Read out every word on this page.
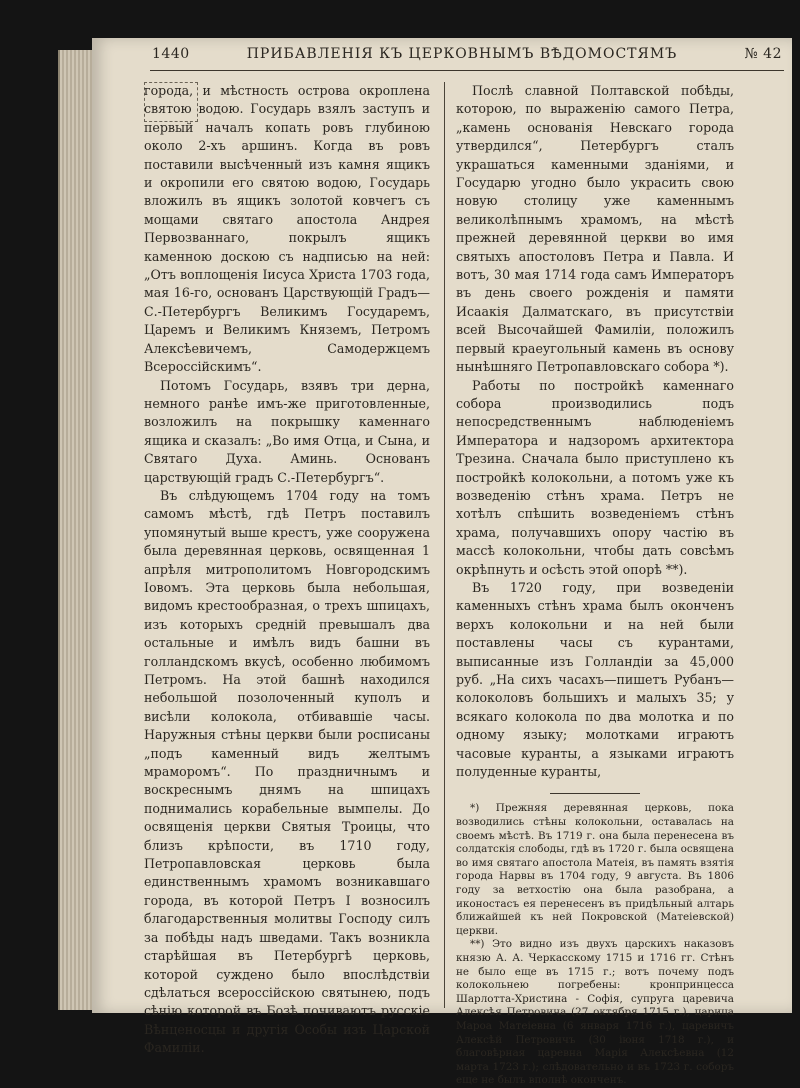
1440	ПРИБАВЛЕНІЯ КЪ ЦЕРКОВНЫМЪ ВѢДОМОСТЯМЪ	№ 42

города, и мѣстность острова окроплена святою водою. Государь взялъ заступъ и первый началъ копать ровъ глубиною около 2-хъ аршинъ. Когда въ ровъ поставили высѣченный изъ камня ящикъ и окропили его святою водою, Государь вложилъ въ ящикъ золотой ковчегъ съ мощами святаго апостола Андрея Первозваннаго, покрылъ ящикъ каменною доскою съ надписью на ней: „Отъ воплощенія Іисуса Христа 1703 года, мая 16-го, основанъ Царствующій Градъ—С.-Петербургъ Великимъ Государемъ, Царемъ и Великимъ Княземъ, Петромъ Алексѣевичемъ, Самодержцемъ Всероссійскимъ“.

Потомъ Государь, взявъ три дерна, немного ранѣе имъ-же приготовленные, возложилъ на покрышку каменнаго ящика и сказалъ: „Во имя Отца, и Сына, и Святаго Духа. Аминь. Основанъ царствующій градъ С.-Петербургъ“.

Въ слѣдующемъ 1704 году на томъ самомъ мѣстѣ, гдѣ Петръ поставилъ упомянутый выше крестъ, уже сооружена была деревянная церковь, освященная 1 апрѣля митрополитомъ Новгородскимъ Іовомъ. Эта церковь была небольшая, видомъ крестообразная, о трехъ шпицахъ, изъ которыхъ средній превышалъ два остальные и имѣлъ видъ башни въ голландскомъ вкусѣ, особенно любимомъ Петромъ. На этой башнѣ находился небольшой позолоченный куполъ и висѣли колокола, отбивавшіе часы. Наружныя стѣны церкви были росписаны „подъ каменный видъ желтымъ мраморомъ“. По праздничнымъ и воскреснымъ днямъ на шпицахъ поднимались корабельные вымпелы. До освященія церкви Святыя Троицы, что близъ крѣпости, въ 1710 году, Петропавловская церковь была единственнымъ храмомъ возникавшаго города, въ которой Петръ I возносилъ благодарственныя молитвы Господу силъ за побѣды надъ шведами. Такъ возникла старѣйшая въ Петербургѣ церковь, которой суждено было впослѣдствіи сдѣлаться всероссійскою святынею, подъ сѣнію которой въ Бозѣ почиваютъ русскіе Вѣнценосцы и другія Особы изъ Царской Фамиліи.

Послѣ славной Полтавской побѣды, которою, по выраженію самого Петра, „камень основанія Невскаго города утвердился“, Петербургъ сталъ украшаться каменными зданіями, и Государю угодно было украсить свою новую столицу уже каменнымъ великолѣпнымъ храмомъ, на мѣстѣ прежней деревянной церкви во имя святыхъ апостоловъ Петра и Павла. И вотъ, 30 мая 1714 года самъ Императоръ въ день своего рожденія и памяти Исаакія Далматскаго, въ присутствіи всей Высочайшей Фамиліи, положилъ первый краеугольный камень въ основу нынѣшняго Петропавловскаго собора *).

Работы по постройкѣ каменнаго собора производились подъ непосредственнымъ наблюденіемъ Императора и надзоромъ архитектора Трезина. Сначала было приступлено къ постройкѣ колокольни, а потомъ уже къ возведенію стѣнъ храма. Петръ не хотѣлъ спѣшить возведеніемъ стѣнъ храма, получавшихъ опору частію въ массѣ колокольни, чтобы дать совсѣмъ окрѣпнуть и осѣсть этой опорѣ **).

Въ 1720 году, при возведеніи каменныхъ стѣнъ храма былъ оконченъ верхъ колокольни и на ней были поставлены часы съ курантами, выписанные изъ Голландіи за 45,000 руб. „На сихъ часахъ—пишетъ Рубанъ—колоколовъ большихъ и малыхъ 35; у всякаго колокола по два молотка и по одному языку; молотками играютъ часовые куранты, а языками играютъ полуденные куранты,

*) Прежняя деревянная церковь, пока возводились стѣны колокольни, оставалась на своемъ мѣстѣ. Въ 1719 г. она была перенесена въ солдатскія слободы, гдѣ въ 1720 г. была освящена во имя святаго апостола Матеія, въ память взятія города Нарвы въ 1704 году, 9 августа. Въ 1806 году за ветхостію она была разобрана, а иконостасъ ея перенесенъ въ придѣльный алтарь ближайшей къ ней Покровской (Матеіевской) церкви.

**) Это видно изъ двухъ царскихъ наказовъ князю А. А. Черкасскому 1715 и 1716 гг. Стѣнъ не было еще въ 1715 г.; вотъ почему подъ колокольнею погребены: кронпринцесса Шарлотта-Христина - Софія, супруга царевича Алексѣя Петровича (27 октября 1715 г.), царица Мароа Матеіевна (6 января 1716 г.), царевичъ Алексѣй Петровичъ (30 іюня 1718 г.), и благовѣрная царевна Марія Алексѣевна (12 марта 1723 г.); слѣдовательно и въ 1723 г. соборъ еще не былъ вполнѣ оконченъ.
